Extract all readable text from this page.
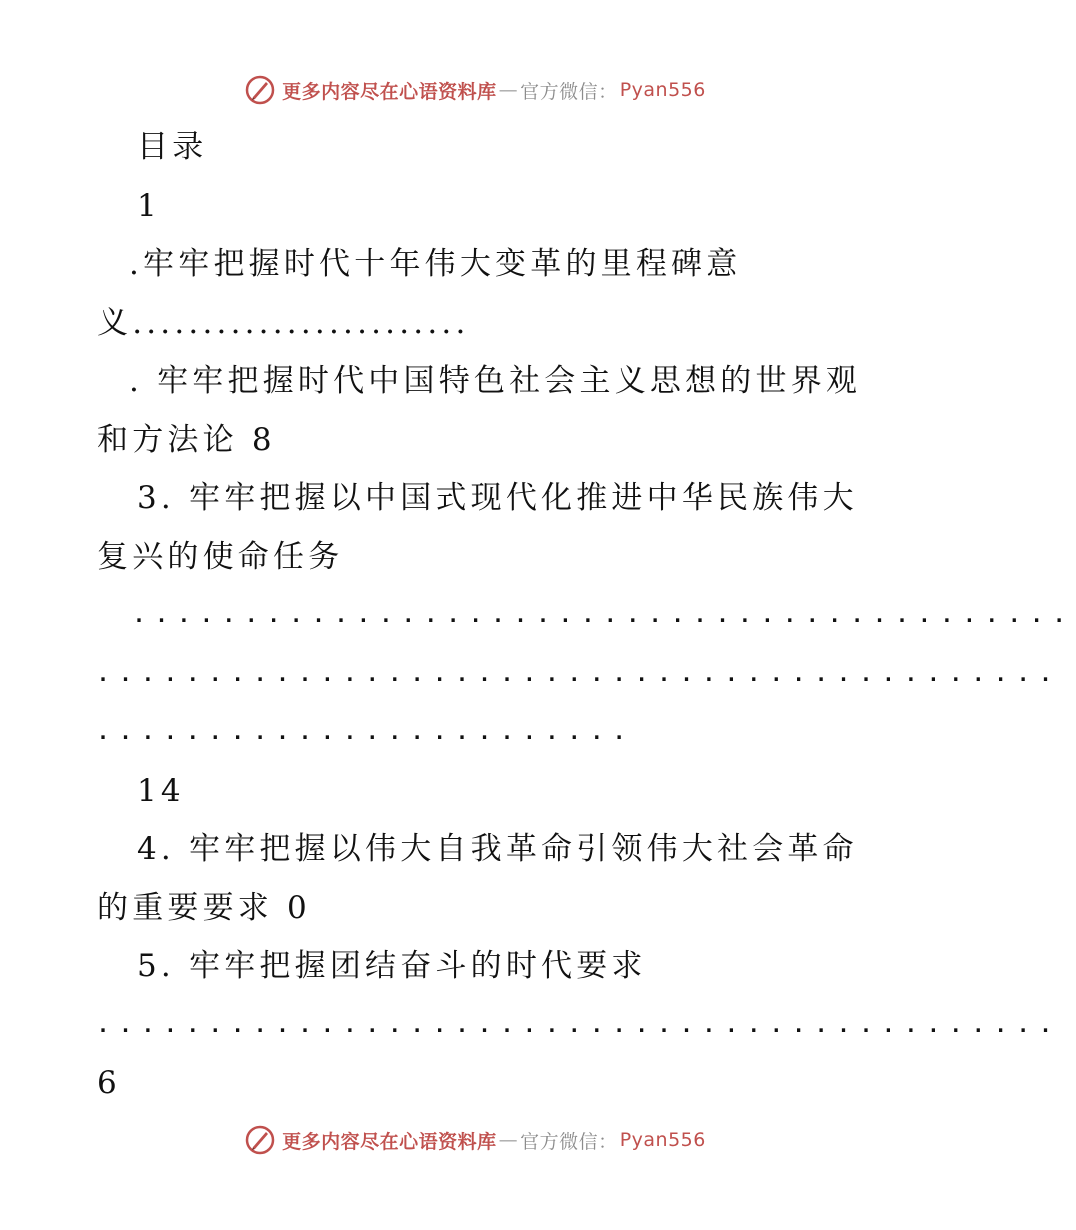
更多内容尽在心语资料库 — 官方微信： Pyan556
目录
1
.牢牢把握时代十年伟大变革的里程碑意
义........................
. 牢牢把握时代中国特色社会主义思想的世界观
和方法论 8
3. 牢牢把握以中国式现代化推进中华民族伟大
复兴的使命任务
..........................................
...........................................
........................
14
4. 牢牢把握以伟大自我革命引领伟大社会革命
的重要要求 0
5. 牢牢把握团结奋斗的时代要求
...........................................
6
更多内容尽在心语资料库 — 官方微信： Pyan556
